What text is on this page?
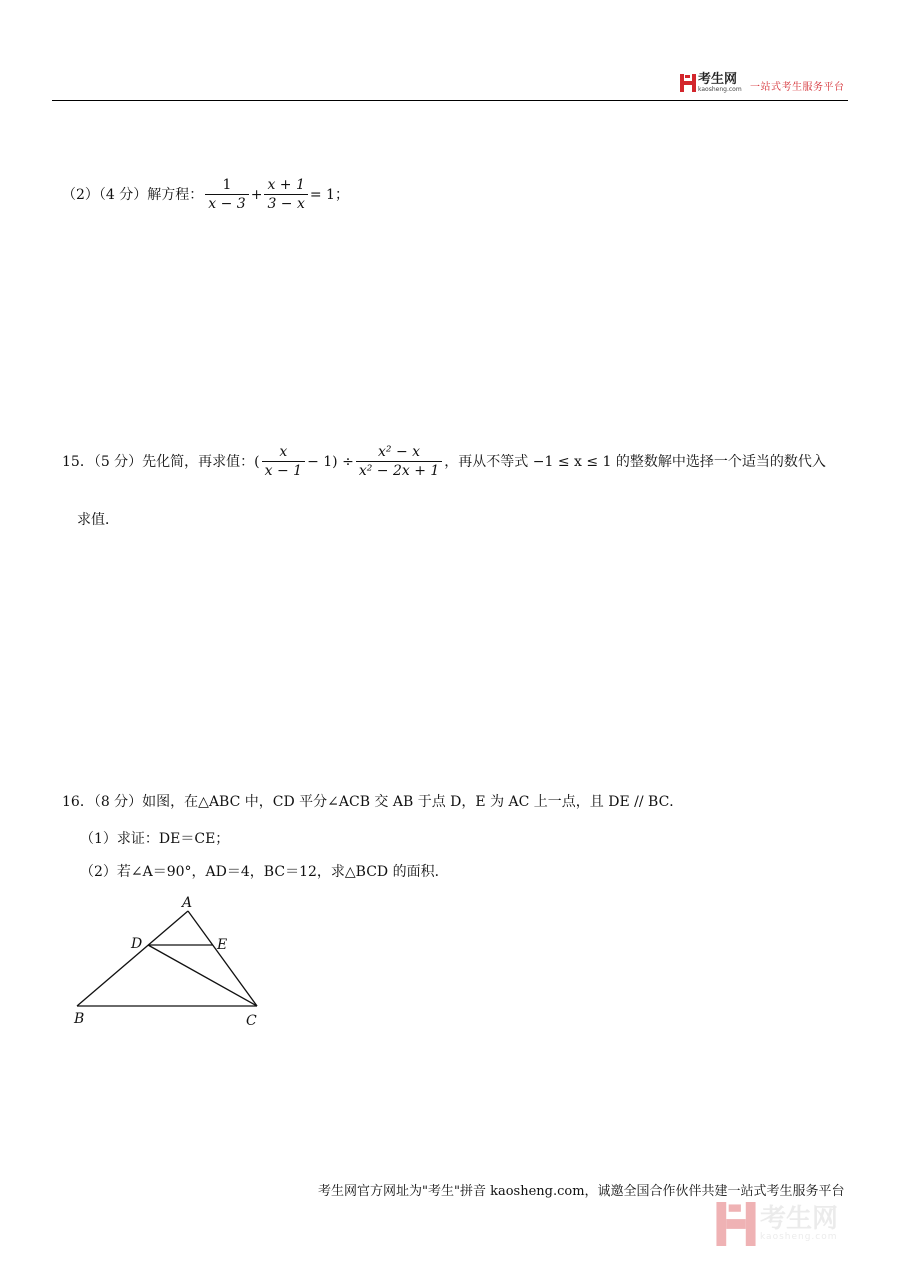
考生网
kaosheng.com 一站式考生服务平台
（2）（4 分）解方程： $\frac{1}{x - 3} + \frac{x + 1}{3 - x} = 1$；
15．（5 分）先化简，再求值： ( $\frac{x}{x - 1} - 1) \div \frac{\text{x² − x}}{\text{x² − 2x + 1}}$ ，再从不等式 −1 ≤ x ≤ 1 的整数解中选择一个适当的数代入
求值．
16．（8 分）如图，在△ABC 中，CD 平分∠ACB 交 AB 于点 D，E 为 AC 上一点，且 DE // BC．
（1）求证：DE＝CE；
（2）若∠A＝90°，AD＝4，BC＝12，求△BCD 的面积．
A
D	E
B	C
考生网官方网址为"考生"拼音 kaosheng.com，诚邀全国合作伙伴共建一站式考生服务平台
考生网
kaosheng.com
